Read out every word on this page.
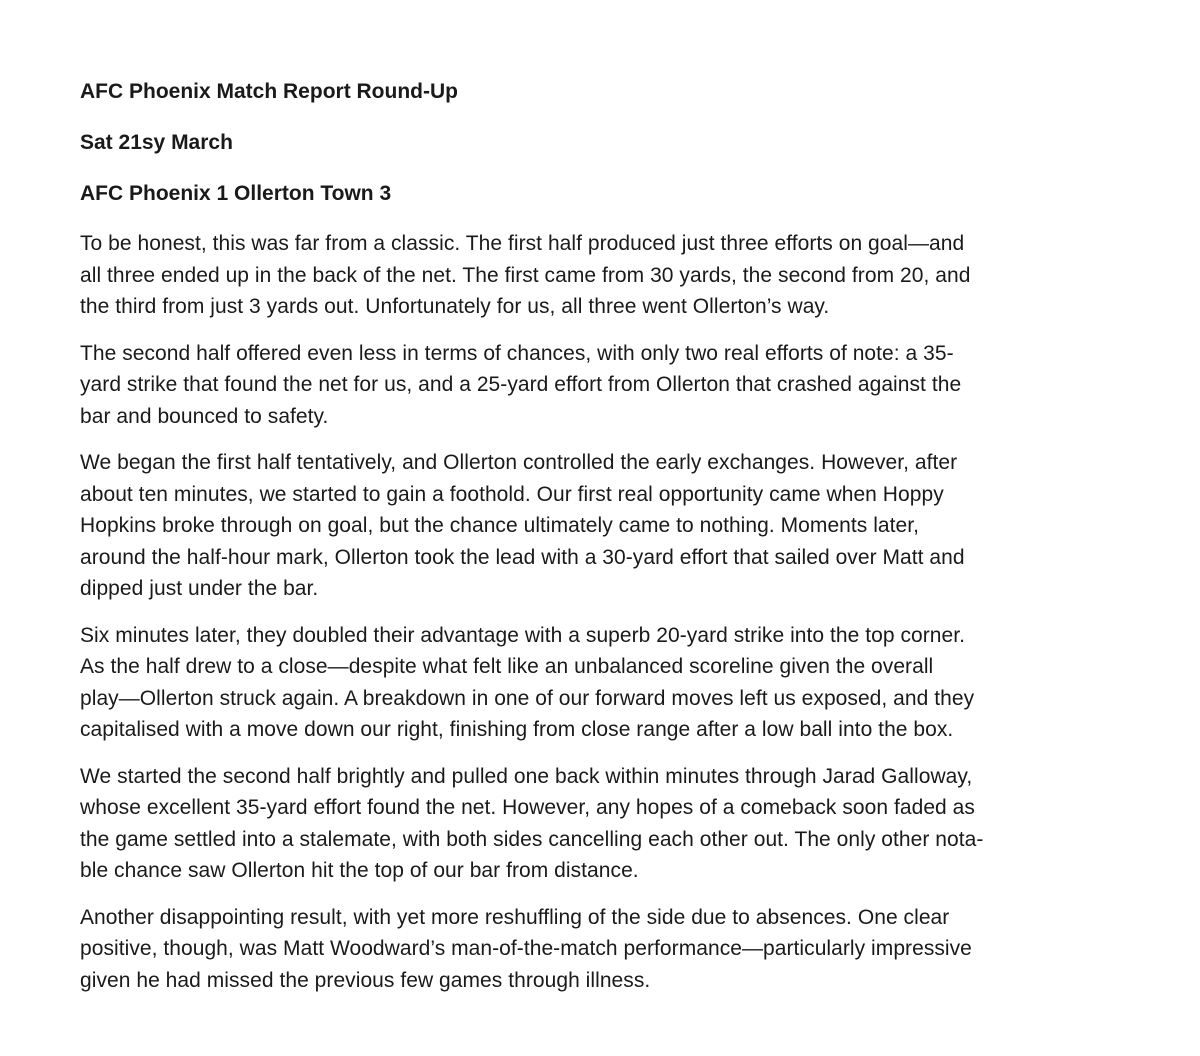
AFC Phoenix Match Report Round-Up
Sat 21sy March
AFC Phoenix 1 Ollerton Town 3
To be honest, this was far from a classic. The first half produced just three efforts on goal—and
all three ended up in the back of the net. The first came from 30 yards, the second from 20, and
the third from just 3 yards out. Unfortunately for us, all three went Ollerton’s way.
The second half offered even less in terms of chances, with only two real efforts of note: a 35-
yard strike that found the net for us, and a 25-yard effort from Ollerton that crashed against the
bar and bounced to safety.
We began the first half tentatively, and Ollerton controlled the early exchanges. However, after
about ten minutes, we started to gain a foothold. Our first real opportunity came when Hoppy
Hopkins broke through on goal, but the chance ultimately came to nothing. Moments later,
around the half-hour mark, Ollerton took the lead with a 30-yard effort that sailed over Matt and
dipped just under the bar.
Six minutes later, they doubled their advantage with a superb 20-yard strike into the top corner.
As the half drew to a close—despite what felt like an unbalanced scoreline given the overall
play—Ollerton struck again. A breakdown in one of our forward moves left us exposed, and they
capitalised with a move down our right, finishing from close range after a low ball into the box.
We started the second half brightly and pulled one back within minutes through Jarad Galloway,
whose excellent 35-yard effort found the net. However, any hopes of a comeback soon faded as
the game settled into a stalemate, with both sides cancelling each other out. The only other nota-
ble chance saw Ollerton hit the top of our bar from distance.
Another disappointing result, with yet more reshuffling of the side due to absences. One clear
positive, though, was Matt Woodward’s man-of-the-match performance—particularly impressive
given he had missed the previous few games through illness.
